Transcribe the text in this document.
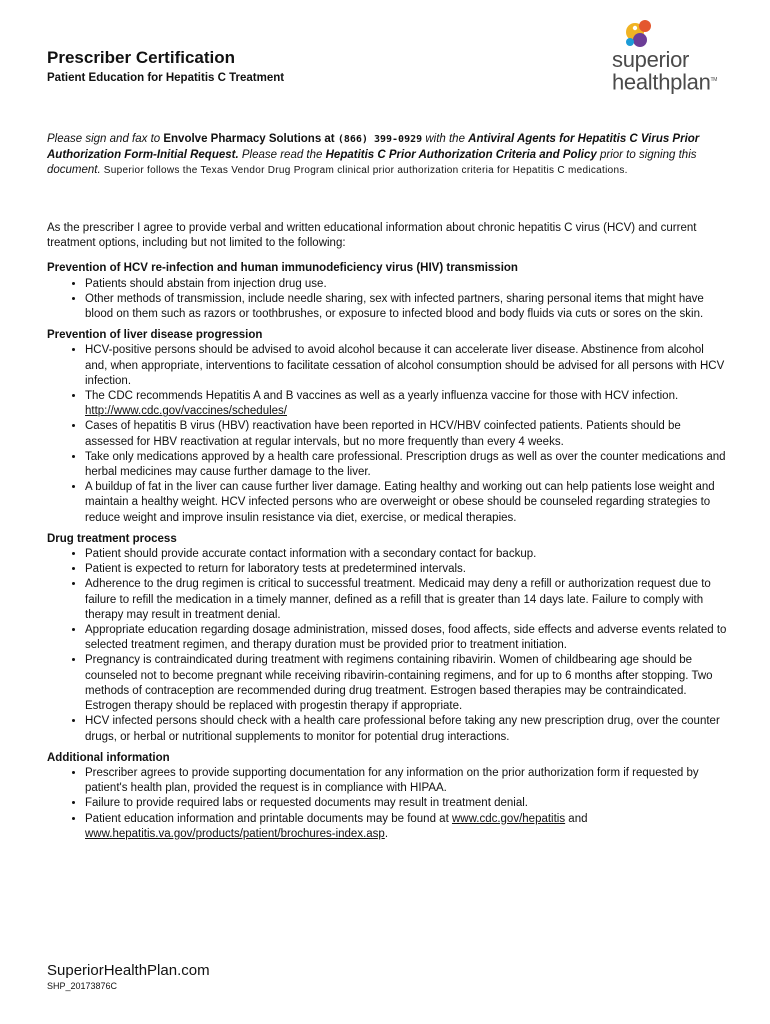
Prescriber Certification
Patient Education for Hepatitis C Treatment
superior
healthplan™
Please sign and fax to Envolve Pharmacy Solutions at (866) 399-0929 with the Antiviral Agents for Hepatitis C Virus Prior Authorization Form-Initial Request. Please read the Hepatitis C Prior Authorization Criteria and Policy prior to signing this document. Superior follows the Texas Vendor Drug Program clinical prior authorization criteria for Hepatitis C medications.

As the prescriber I agree to provide verbal and written educational information about chronic hepatitis C virus (HCV) and current treatment options, including but not limited to the following:

Prevention of HCV re-infection and human immunodeficiency virus (HIV) transmission

• Patients should abstain from injection drug use.
• Other methods of transmission, include needle sharing, sex with infected partners, sharing personal items that might have blood on them such as razors or toothbrushes, or exposure to infected blood and body fluids via cuts or sores on the skin.

Prevention of liver disease progression

• HCV-positive persons should be advised to avoid alcohol because it can accelerate liver disease. Abstinence from alcohol and, when appropriate, interventions to facilitate cessation of alcohol consumption should be advised for all persons with HCV infection.
• The CDC recommends Hepatitis A and B vaccines as well as a yearly influenza vaccine for those with HCV infection. http://www.cdc.gov/vaccines/schedules/
• Cases of hepatitis B virus (HBV) reactivation have been reported in HCV/HBV coinfected patients. Patients should be assessed for HBV reactivation at regular intervals, but no more frequently than every 4 weeks.
• Take only medications approved by a health care professional. Prescription drugs as well as over the counter medications and herbal medicines may cause further damage to the liver.
• A buildup of fat in the liver can cause further liver damage. Eating healthy and working out can help patients lose weight and maintain a healthy weight. HCV infected persons who are overweight or obese should be counseled regarding strategies to reduce weight and improve insulin resistance via diet, exercise, or medical therapies.

Drug treatment process

• Patient should provide accurate contact information with a secondary contact for backup.
• Patient is expected to return for laboratory tests at predetermined intervals.
• Adherence to the drug regimen is critical to successful treatment. Medicaid may deny a refill or authorization request due to failure to refill the medication in a timely manner, defined as a refill that is greater than 14 days late. Failure to comply with therapy may result in treatment denial.
• Appropriate education regarding dosage administration, missed doses, food affects, side effects and adverse events related to selected treatment regimen, and therapy duration must be provided prior to treatment initiation.
• Pregnancy is contraindicated during treatment with regimens containing ribavirin. Women of childbearing age should be counseled not to become pregnant while receiving ribavirin-containing regimens, and for up to 6 months after stopping. Two methods of contraception are recommended during drug treatment. Estrogen based therapies may be contraindicated. Estrogen therapy should be replaced with progestin therapy if appropriate.
• HCV infected persons should check with a health care professional before taking any new prescription drug, over the counter drugs, or herbal or nutritional supplements to monitor for potential drug interactions.

Additional information

• Prescriber agrees to provide supporting documentation for any information on the prior authorization form if requested by patient's health plan, provided the request is in compliance with HIPAA.
• Failure to provide required labs or requested documents may result in treatment denial.
• Patient education information and printable documents may be found at www.cdc.gov/hepatitis and www.hepatitis.va.gov/products/patient/brochures-index.asp.
SuperiorHealthPlan.com
SHP_20173876C
